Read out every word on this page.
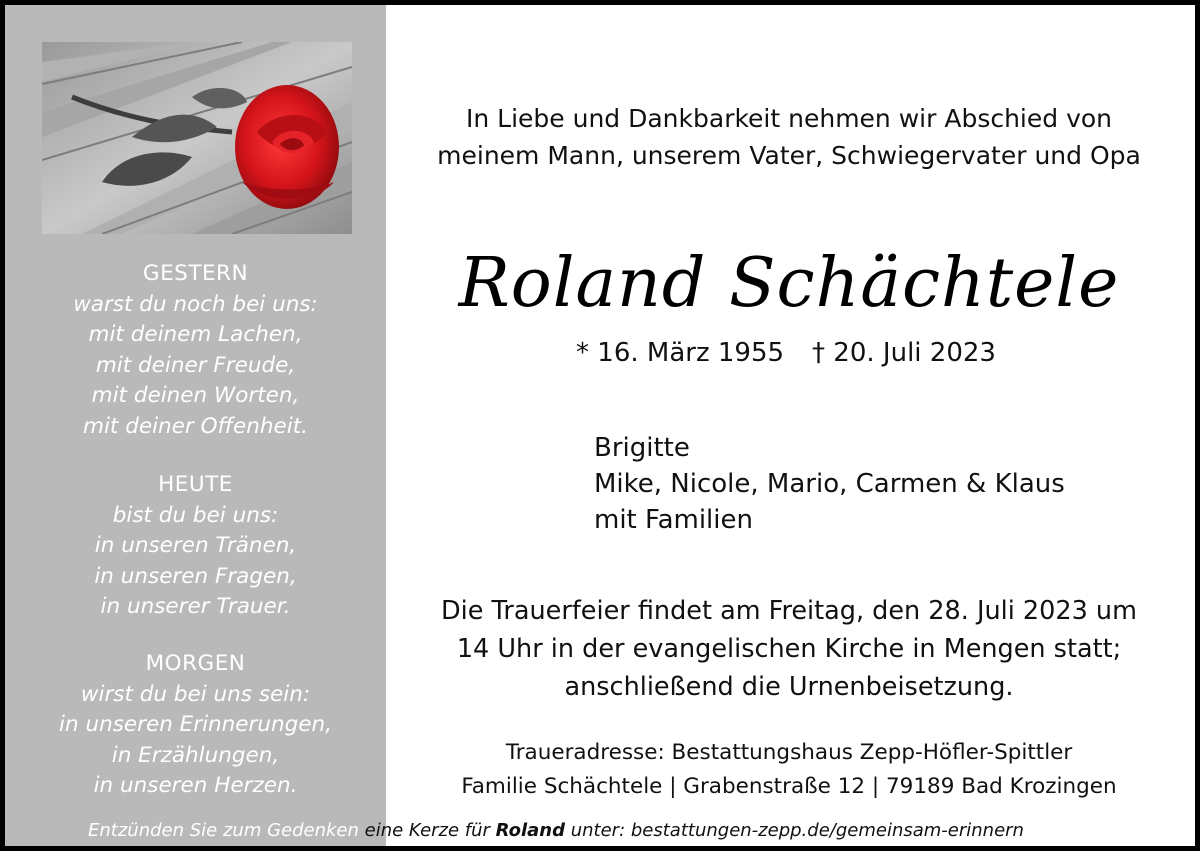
GESTERN
warst du noch bei uns:
mit deinem Lachen,
mit deiner Freude,
mit deinen Worten,
mit deiner Offenheit.
HEUTE
bist du bei uns:
in unseren Tränen,
in unseren Fragen,
in unserer Trauer.
MORGEN
wirst du bei uns sein:
in unseren Erinnerungen,
in Erzählungen,
in unseren Herzen.
In Liebe und Dankbarkeit nehmen wir Abschied von
meinem Mann, unserem Vater, Schwiegervater und Opa
Roland Schächtele
* 16. März 1955 † 20. Juli 2023
Brigitte
Mike, Nicole, Mario, Carmen & Klaus
mit Familien
Die Trauerfeier findet am Freitag, den 28. Juli 2023 um
14 Uhr in der evangelischen Kirche in Mengen statt;
anschließend die Urnenbeisetzung.
Traueradresse: Bestattungshaus Zepp-Höfler-Spittler
Familie Schächtele | Grabenstraße 12 | 79189 Bad Krozingen
Entzünden Sie zum Gedenken eine Kerze für Roland unter: bestattungen-zepp.de/gemeinsam-erinnern
